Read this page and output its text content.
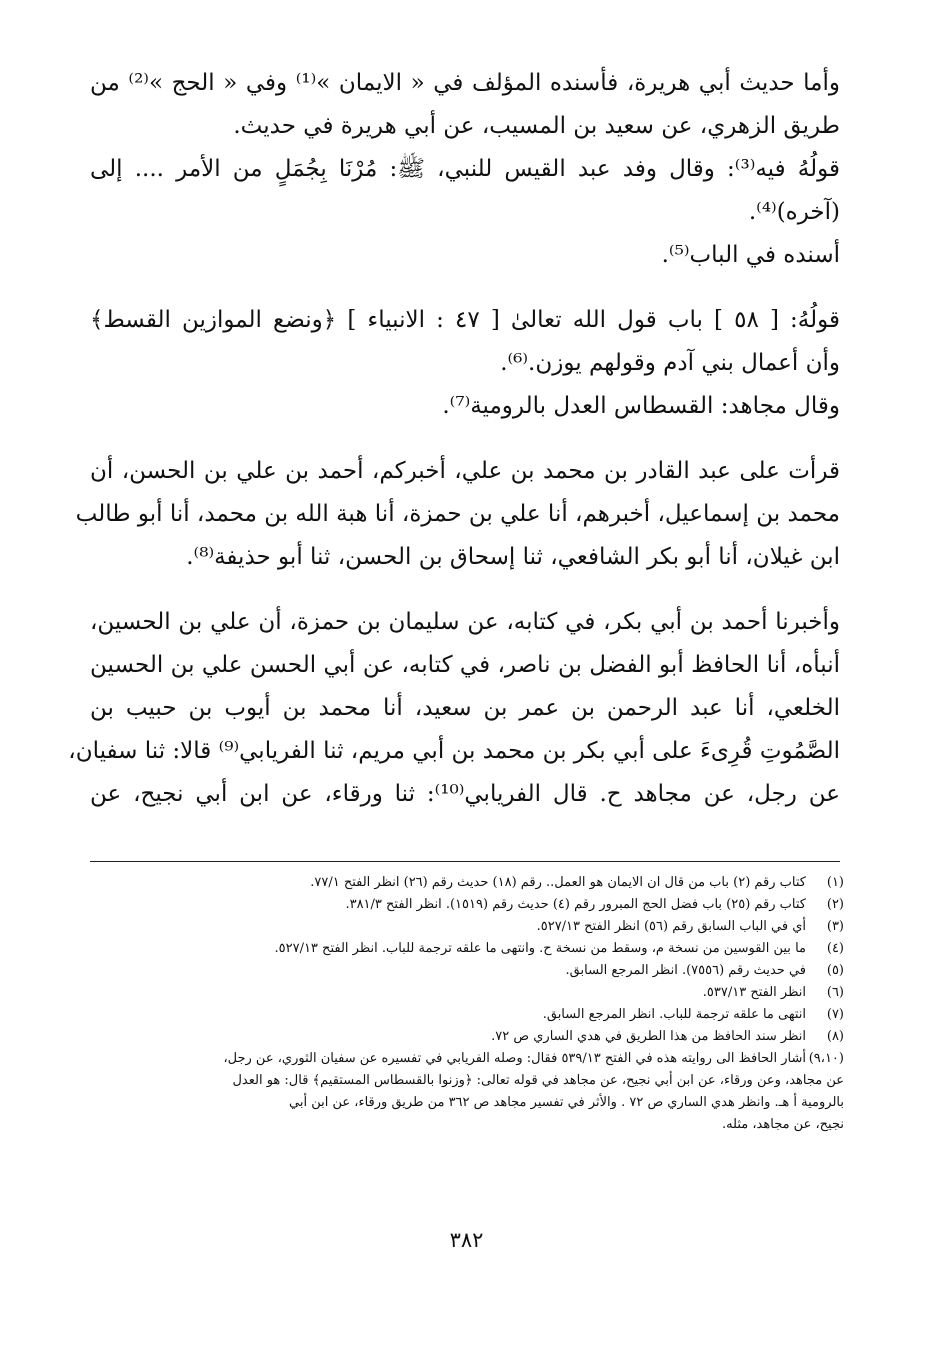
وأما حديث أبي هريرة، فأسنده المؤلف في « الايمان »⁽¹⁾ وفي « الحج »⁽²⁾ من
طريق الزهري، عن سعيد بن المسيب، عن أبي هريرة في حديث.
قولُهُ فيه⁽³⁾: وقال وفد عبد القيس للنبي، ﷺ: مُرْنَا بِجُمَلٍ من الأمر .... إلى
(آخره)⁽⁴⁾.
أسنده في الباب⁽⁵⁾.
قولُهُ: [ ٥٨ ] باب قول الله تعالىٰ [ ٤٧ : الانبياء ] ﴿ونضع الموازين القسط﴾
وأن أعمال بني آدم وقولهم يوزن.⁽⁶⁾.
وقال مجاهد: القسطاس العدل بالرومية⁽⁷⁾.
قرأت على عبد القادر بن محمد بن علي، أخبركم، أحمد بن علي بن الحسن، أن
محمد بن إسماعيل، أخبرهم، أنا علي بن حمزة، أنا هبة الله بن محمد، أنا أبو طالب
ابن غيلان، أنا أبو بكر الشافعي، ثنا إسحاق بن الحسن، ثنا أبو حذيفة⁽⁸⁾.
وأخبرنا أحمد بن أبي بكر، في كتابه، عن سليمان بن حمزة، أن علي بن الحسين،
أنبأه، أنا الحافظ أبو الفضل بن ناصر، في كتابه، عن أبي الحسن علي بن الحسين
الخلعي، أنا عبد الرحمن بن عمر بن سعيد، أنا محمد بن أيوب بن حبيب بن
الصَّمُوتِ قُرِىءَ على أبي بكر بن محمد بن أبي مريم، ثنا الفريابي⁽⁹⁾ قالا: ثنا سفيان،
عن رجل، عن مجاهد ح. قال الفريابي⁽¹⁰⁾: ثنا ورقاء، عن ابن أبي نجيح، عن
(١)
كتاب رقم (٢) باب من قال ان الايمان هو العمل.. رقم (١٨) حديث رقم (٢٦) انظر الفتح ٧٧/١.
(٢)
كتاب رقم (٢٥) باب فضل الحج المبرور رقم (٤) حديث رقم (١٥١٩). انظر الفتح ٣٨١/٣.
(٣)
أي في الباب السابق رقم (٥٦) انظر الفتح ٥٢٧/١٣.
(٤)
ما بين القوسين من نسخة م، وسقط من نسخة ح. وانتهى ما علقه ترجمة للباب. انظر الفتح ٥٢٧/١٣.
(٥)
في حديث رقم (٧٥٥٦). انظر المرجع السابق.
(٦)
انظر الفتح ٥٣٧/١٣.
(٧)
انتهى ما علقه ترجمة للباب. انظر المرجع السابق.
(٨)
انظر سند الحافظ من هذا الطريق في هدي الساري ص ٧٢.
(٩،١٠)
أشار الحافظ الى روايته هذه في الفتح ٥٣٩/١٣ فقال: وصله الفريابي في تفسيره عن سفيان الثوري، عن رجل،
عن مجاهد، وعن ورقاء، عن ابن أبي نجيح، عن مجاهد في قوله تعالى: ﴿وزنوا بالقسطاس المستقيم﴾ قال: هو العدل
بالرومية أ هـ. وانظر هدي الساري ص ٧٢ . والأثر في تفسير مجاهد ص ٣٦٢ من طريق ورقاء، عن ابن أبي
نجيح، عن مجاهد، مثله.
٣٨٢
